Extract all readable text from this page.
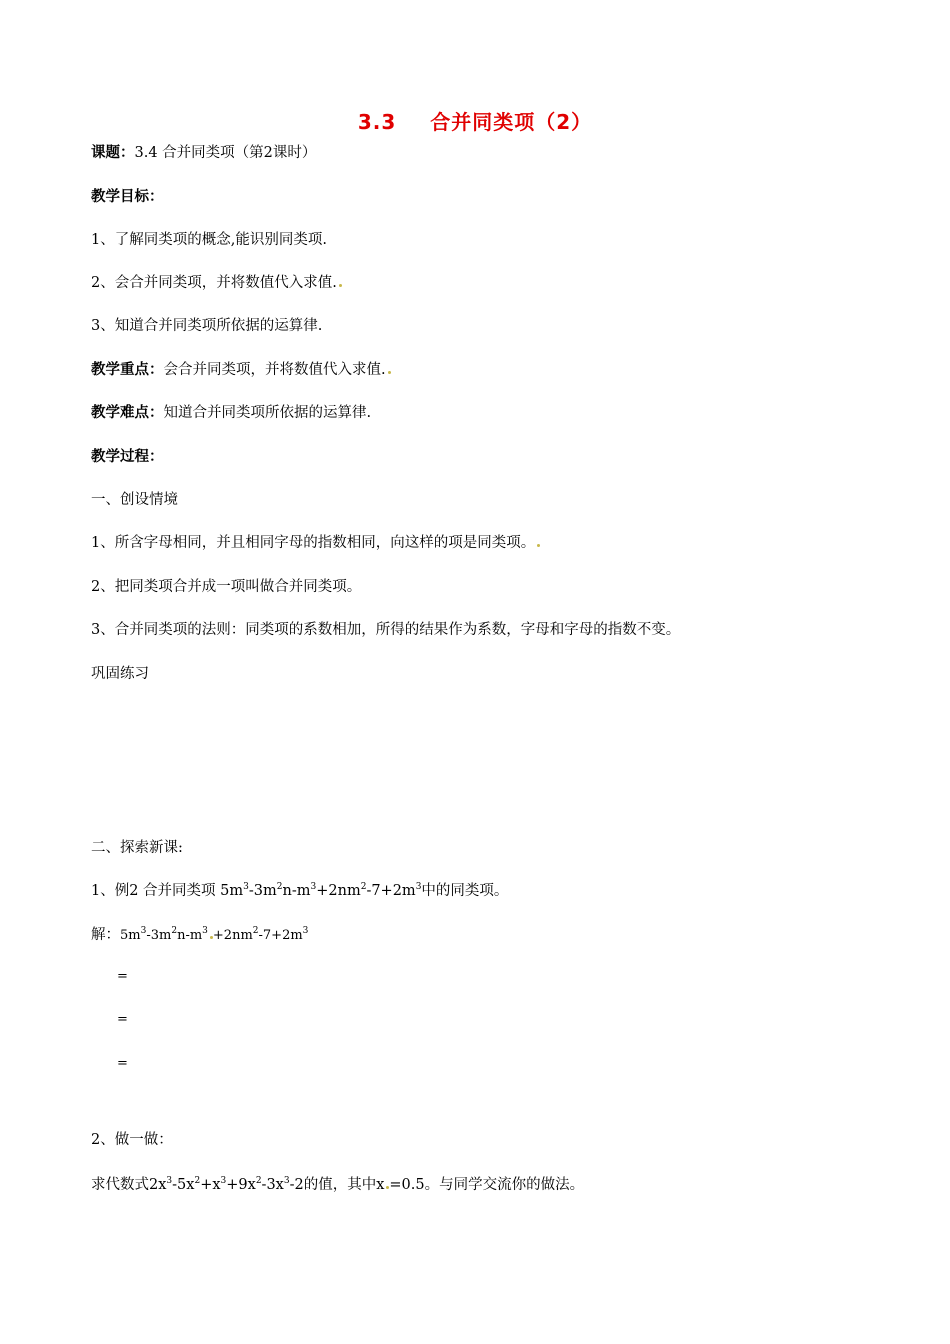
3.3 合并同类项（2）
课题：3.4 合并同类项（第2课时）
教学目标：
1、了解同类项的概念,能识别同类项.
2、会合并同类项，并将数值代入求值.
3、知道合并同类项所依据的运算律.
教学重点：会合并同类项，并将数值代入求值.
教学难点：知道合并同类项所依据的运算律.
教学过程：
一、创设情境
1、所含字母相同，并且相同字母的指数相同，向这样的项是同类项。
2、把同类项合并成一项叫做合并同类项。
3、合并同类项的法则：同类项的系数相加，所得的结果作为系数，字母和字母的指数不变。
巩固练习
二、探索新课:
1、例2 合并同类项 $5m^3-3m^2n-m^3+2nm^2-7+2m^3$中的同类项。
解：$5m^3-3m^2n-m^3 +2nm^2-7+2m^3$
=
=
=
2、做一做：
求代数式$2x^3-5x^2+x^3+9x^2-3x^3-2$的值，其中x =0.5。与同学交流你的做法。
